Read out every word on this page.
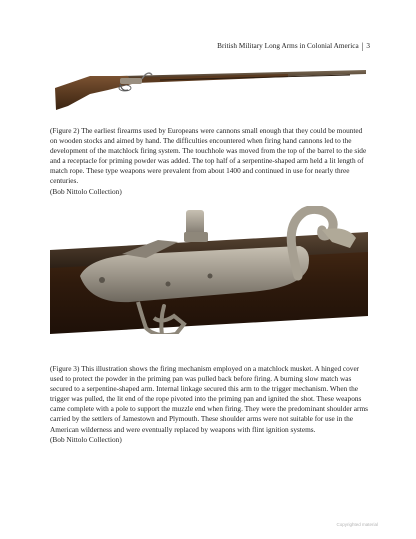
British Military Long Arms in Colonial America | 3
(Figure 2) The earliest firearms used by Europeans were cannons small enough that they could be mounted on wooden stocks and aimed by hand. The difficulties encountered when firing hand cannons led to the development of the matchlock firing system. The touchhole was moved from the top of the barrel to the side and a receptacle for priming powder was added. The top half of a serpentine-shaped arm held a lit length of match rope. These type weapons were prevalent from about 1400 and continued in use for nearly three centuries.
(Bob Nittolo Collection)
(Figure 3) This illustration shows the firing mechanism employed on a matchlock musket. A hinged cover used to protect the powder in the priming pan was pulled back before firing. A burning slow match was secured to a serpentine-shaped arm. Internal linkage secured this arm to the trigger mechanism. When the trigger was pulled, the lit end of the rope pivoted into the priming pan and ignited the shot. These weapons came complete with a pole to support the muzzle end when firing. They were the predominant shoulder arms carried by the settlers of Jamestown and Plymouth. These shoulder arms were not suitable for use in the American wilderness and were eventually replaced by weapons with flint ignition systems.
(Bob Nittolo Collection)
Copyrighted material
